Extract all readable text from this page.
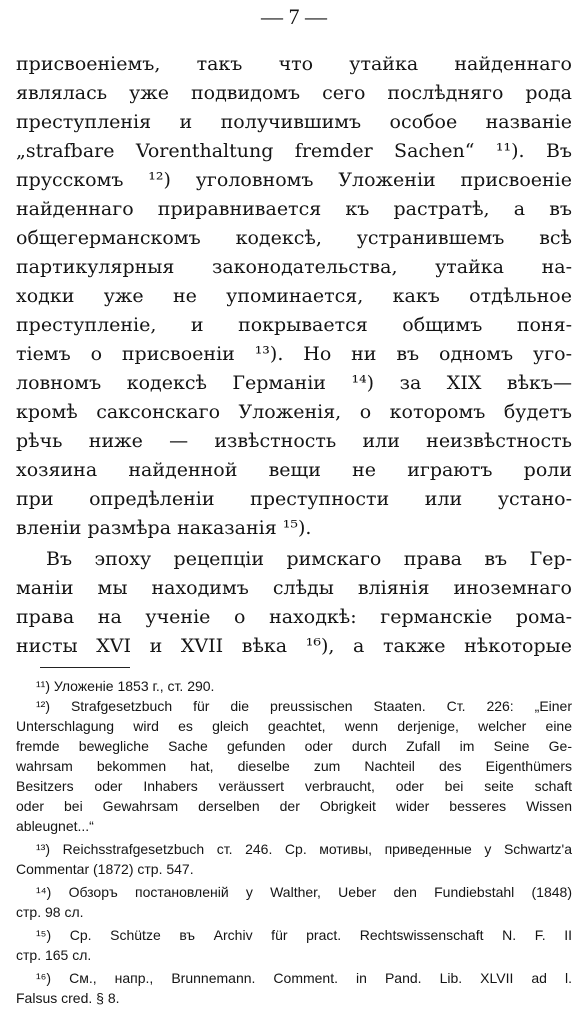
— 7 —
присвоеніемъ, такъ что утайка найденнаго
являлась уже подвидомъ сего послѣдняго рода
преступленія и получившимъ особое названіе
„strafbare Vorenthaltung fremder Sachen“ ¹¹). Въ
прусскомъ ¹²) уголовномъ Уложеніи присвоеніе
найденнаго приравнивается къ растратѣ, а въ
общегерманскомъ кодексѣ, устранившемъ всѣ
партикулярныя законодательства, утайка на-
ходки уже не упоминается, какъ отдѣльное
преступленіе, и покрывается общимъ поня-
тіемъ о присвоеніи ¹³). Но ни въ одномъ уго-
ловномъ кодексѣ Германіи ¹⁴) за XIX вѣкъ—
кромѣ саксонскаго Уложенія, о которомъ будетъ
рѣчь ниже — извѣстность или неизвѣстность
хозяина найденной вещи не играютъ роли
при опредѣленіи преступности или устано-
вленіи размѣра наказанія ¹⁵).
Въ эпоху рецепціи римскаго права въ Гер-
маніи мы находимъ слѣды вліянія иноземнаго
права на ученіе о находкѣ: германскіе рома-
нисты XVI и XVII вѣка ¹⁶), а также нѣкоторые
¹¹) Уложеніе 1853 г., ст. 290.
¹²) Strafgesetzbuch für die preussischen Staaten. Ст. 226: „Einer
Unterschlagung wird es gleich geachtet, wenn derjenige, welcher eine
fremde bewegliche Sache gefunden oder durch Zufall im Seine Ge-
wahrsam bekommen hat, dieselbe zum Nachteil des Eigenthümers
Besitzers oder Inhabers veräussert verbraucht, oder bei seite schaft
oder bei Gewahrsam derselben der Obrigkeit wider besseres Wissen
ableugnet...“
¹³) Reichsstrafgesetzbuch ст. 246. Ср. мотивы, приведенные у Schwartz'a
Commentar (1872) стр. 547.
¹⁴) Обзоръ постановленій у Walther, Ueber den Fundiebstahl (1848)
стр. 98 сл.
¹⁵) Ср. Schütze въ Archiv für pract. Rechtswissenschaft N. F. II
стр. 165 сл.
¹⁶) См., напр., Brunnemann. Comment. in Pand. Lib. XLVII ad l.
Falsus cred. § 8.
